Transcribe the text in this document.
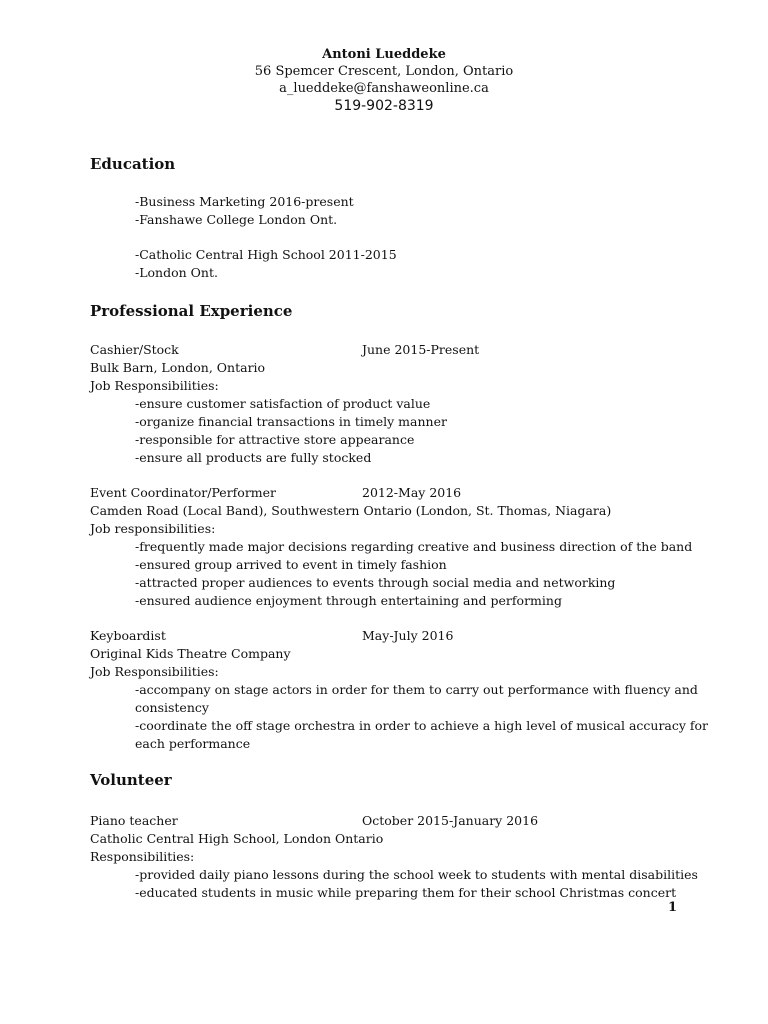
Antoni Lueddeke
56 Spemcer Crescent, London, Ontario
a_lueddeke@fanshaweonline.ca
519-902-8319
Education
-Business Marketing 2016-present
-Fanshawe College London Ont.
-Catholic Central High School 2011-2015
-London Ont.
Professional Experience
Cashier/Stock	June 2015-Present
Bulk Barn, London, Ontario
Job Responsibilities:
-ensure customer satisfaction of product value
-organize financial transactions in timely manner
-responsible for attractive store appearance
-ensure all products are fully stocked
Event Coordinator/Performer	2012-May 2016
Camden Road (Local Band), Southwestern Ontario (London, St. Thomas, Niagara)
Job responsibilities:
-frequently made major decisions regarding creative and business direction of the band
-ensured group arrived to event in timely fashion
-attracted proper audiences to events through social media and networking
-ensured audience enjoyment through entertaining and performing
Keyboardist	May-July 2016
Original Kids Theatre Company
Job Responsibilities:
-accompany on stage actors in order for them to carry out performance with fluency and
consistency
-coordinate the off stage orchestra in order to achieve a high level of musical accuracy for
each performance
Volunteer
Piano teacher	October 2015-January 2016
Catholic Central High School, London Ontario
Responsibilities:
-provided daily piano lessons during the school week to students with mental disabilities
-educated students in music while preparing them for their school Christmas concert
1
